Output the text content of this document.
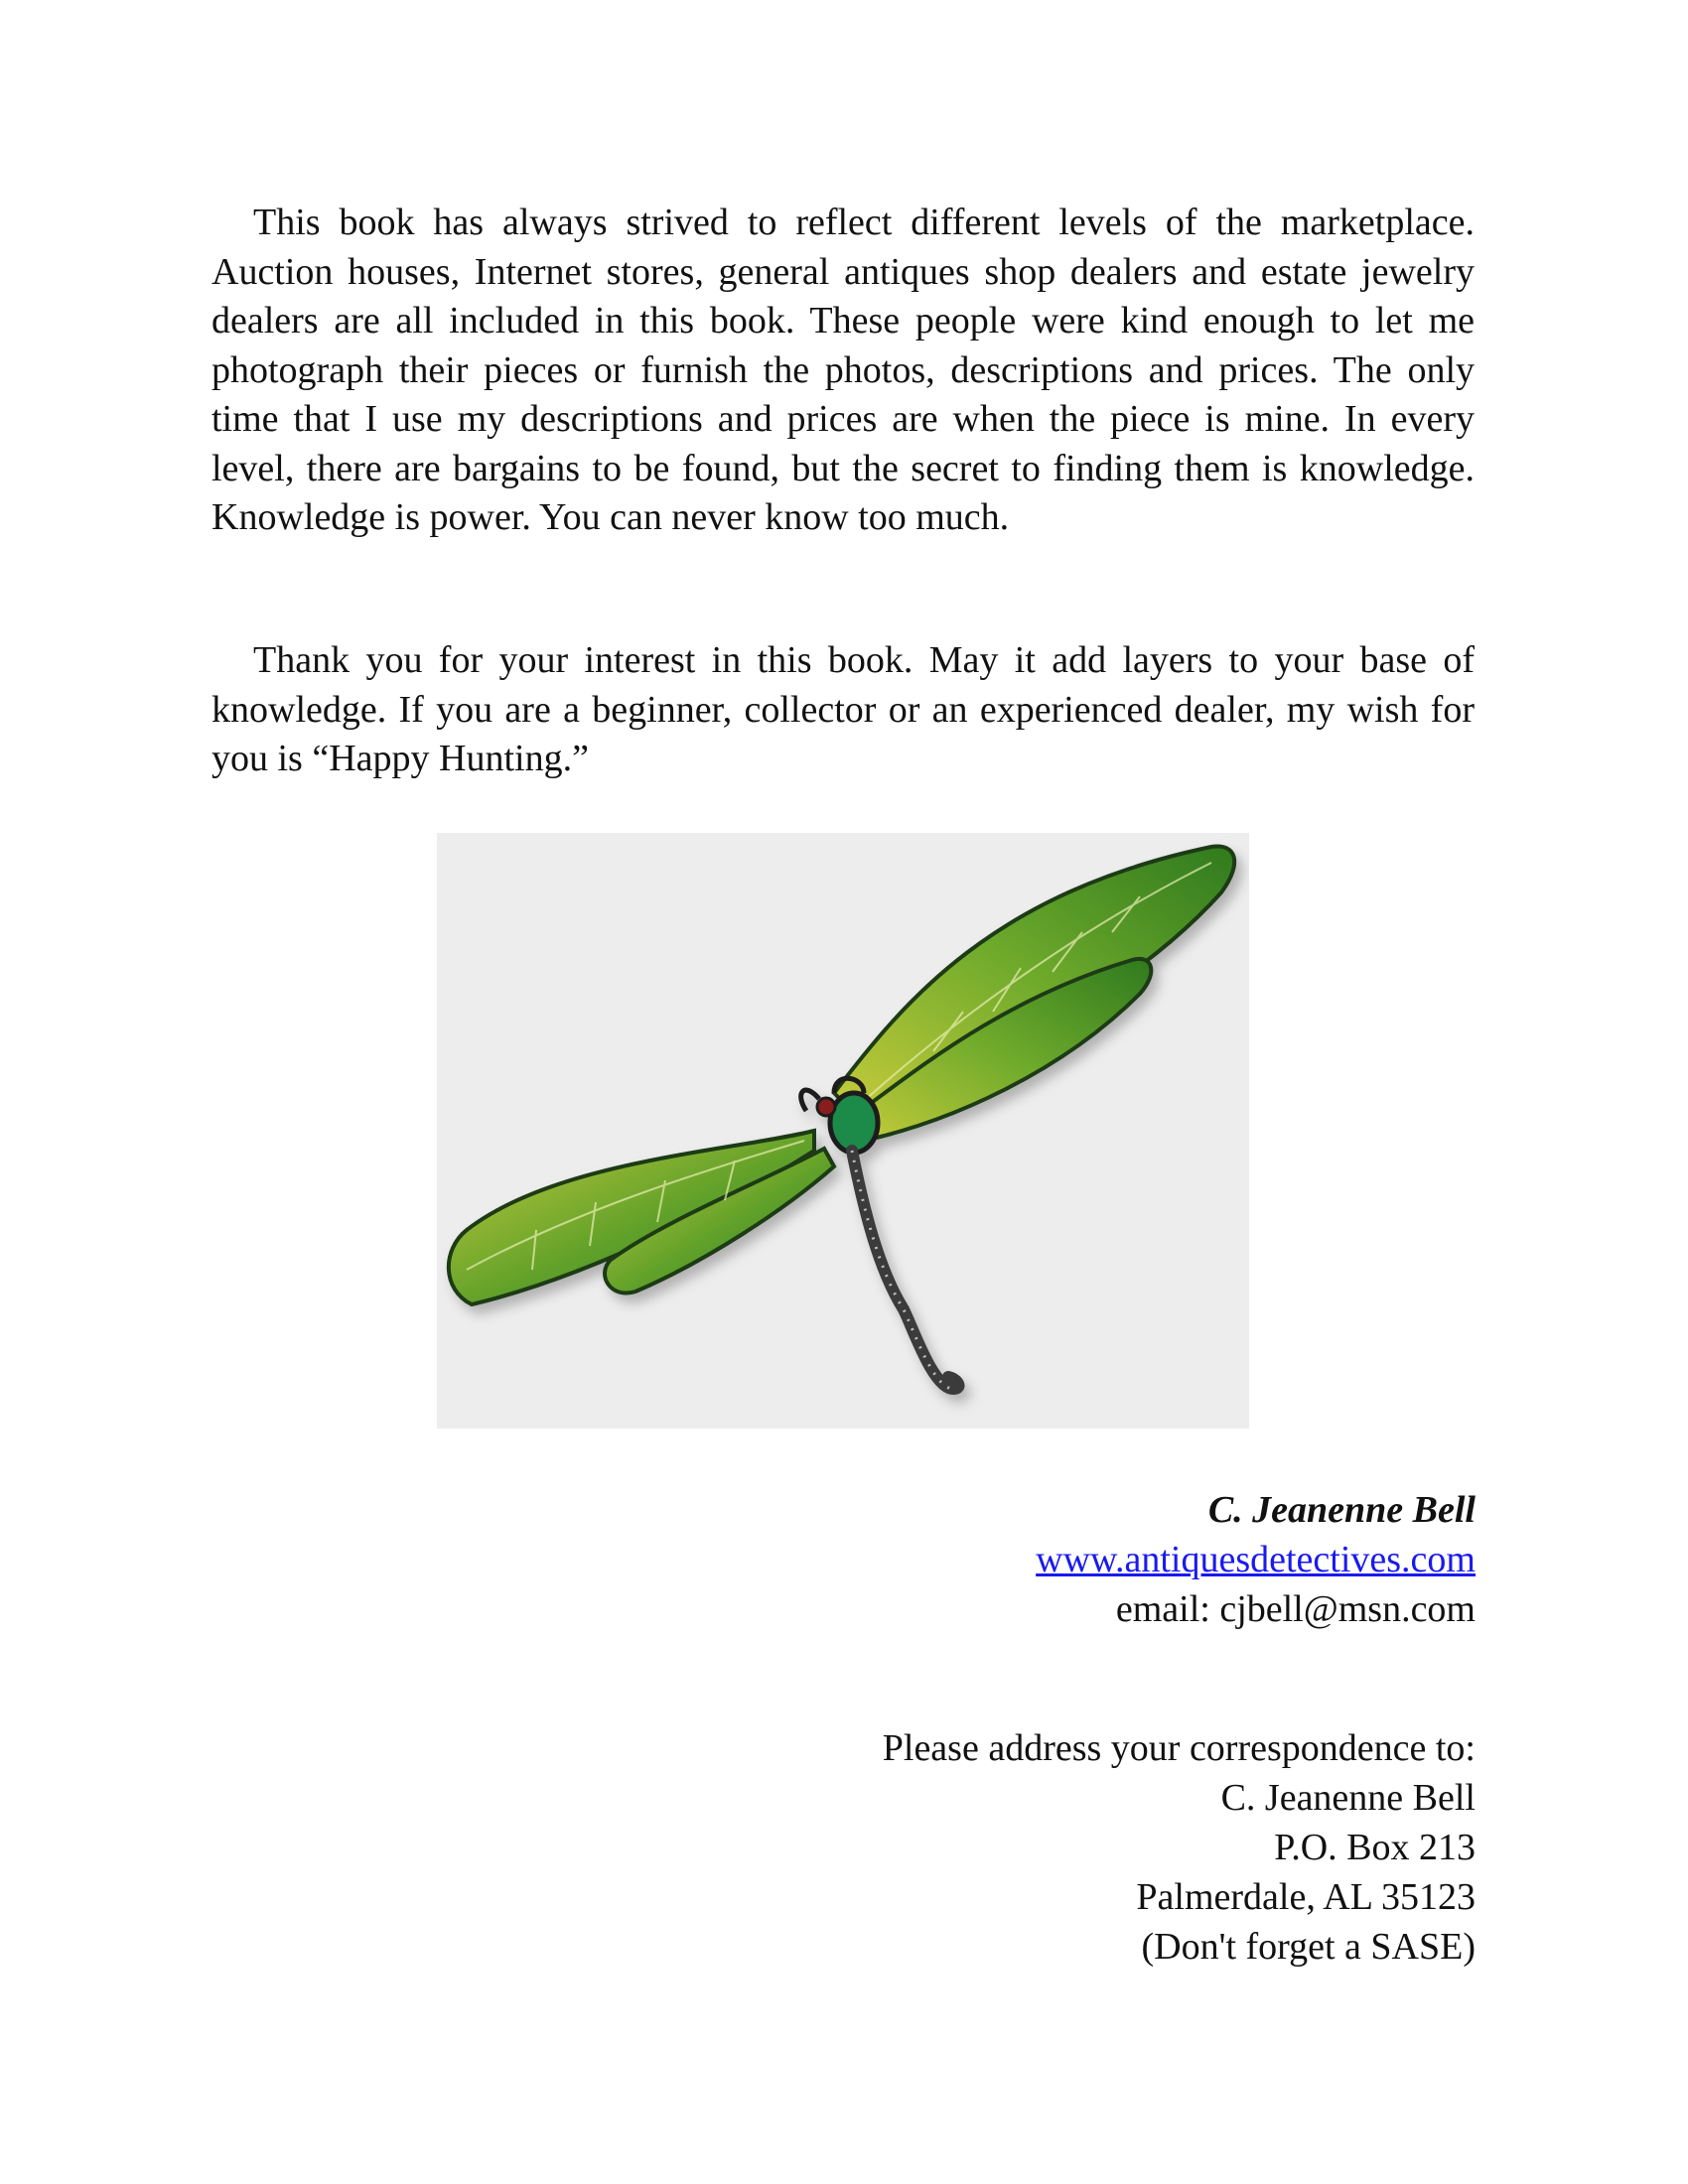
This book has always strived to reflect different levels of the marketplace. Auction houses, Internet stores, general antiques shop dealers and estate jewelry dealers are all included in this book. These people were kind enough to let me photograph their pieces or furnish the photos, descriptions and prices. The only time that I use my descriptions and prices are when the piece is mine. In every level, there are bargains to be found, but the secret to finding them is knowledge. Knowledge is power. You can never know too much.

Thank you for your interest in this book. May it add layers to your base of knowledge. If you are a beginner, collector or an experienced dealer, my wish for you is “Happy Hunting.”

C. Jeanenne Bell

www.antiquesdetectives.com

email: cjbell@msn.com

Please address your correspondence to:
C. Jeanenne Bell
P.O. Box 213
Palmerdale, AL 35123
(Don't forget a SASE)
